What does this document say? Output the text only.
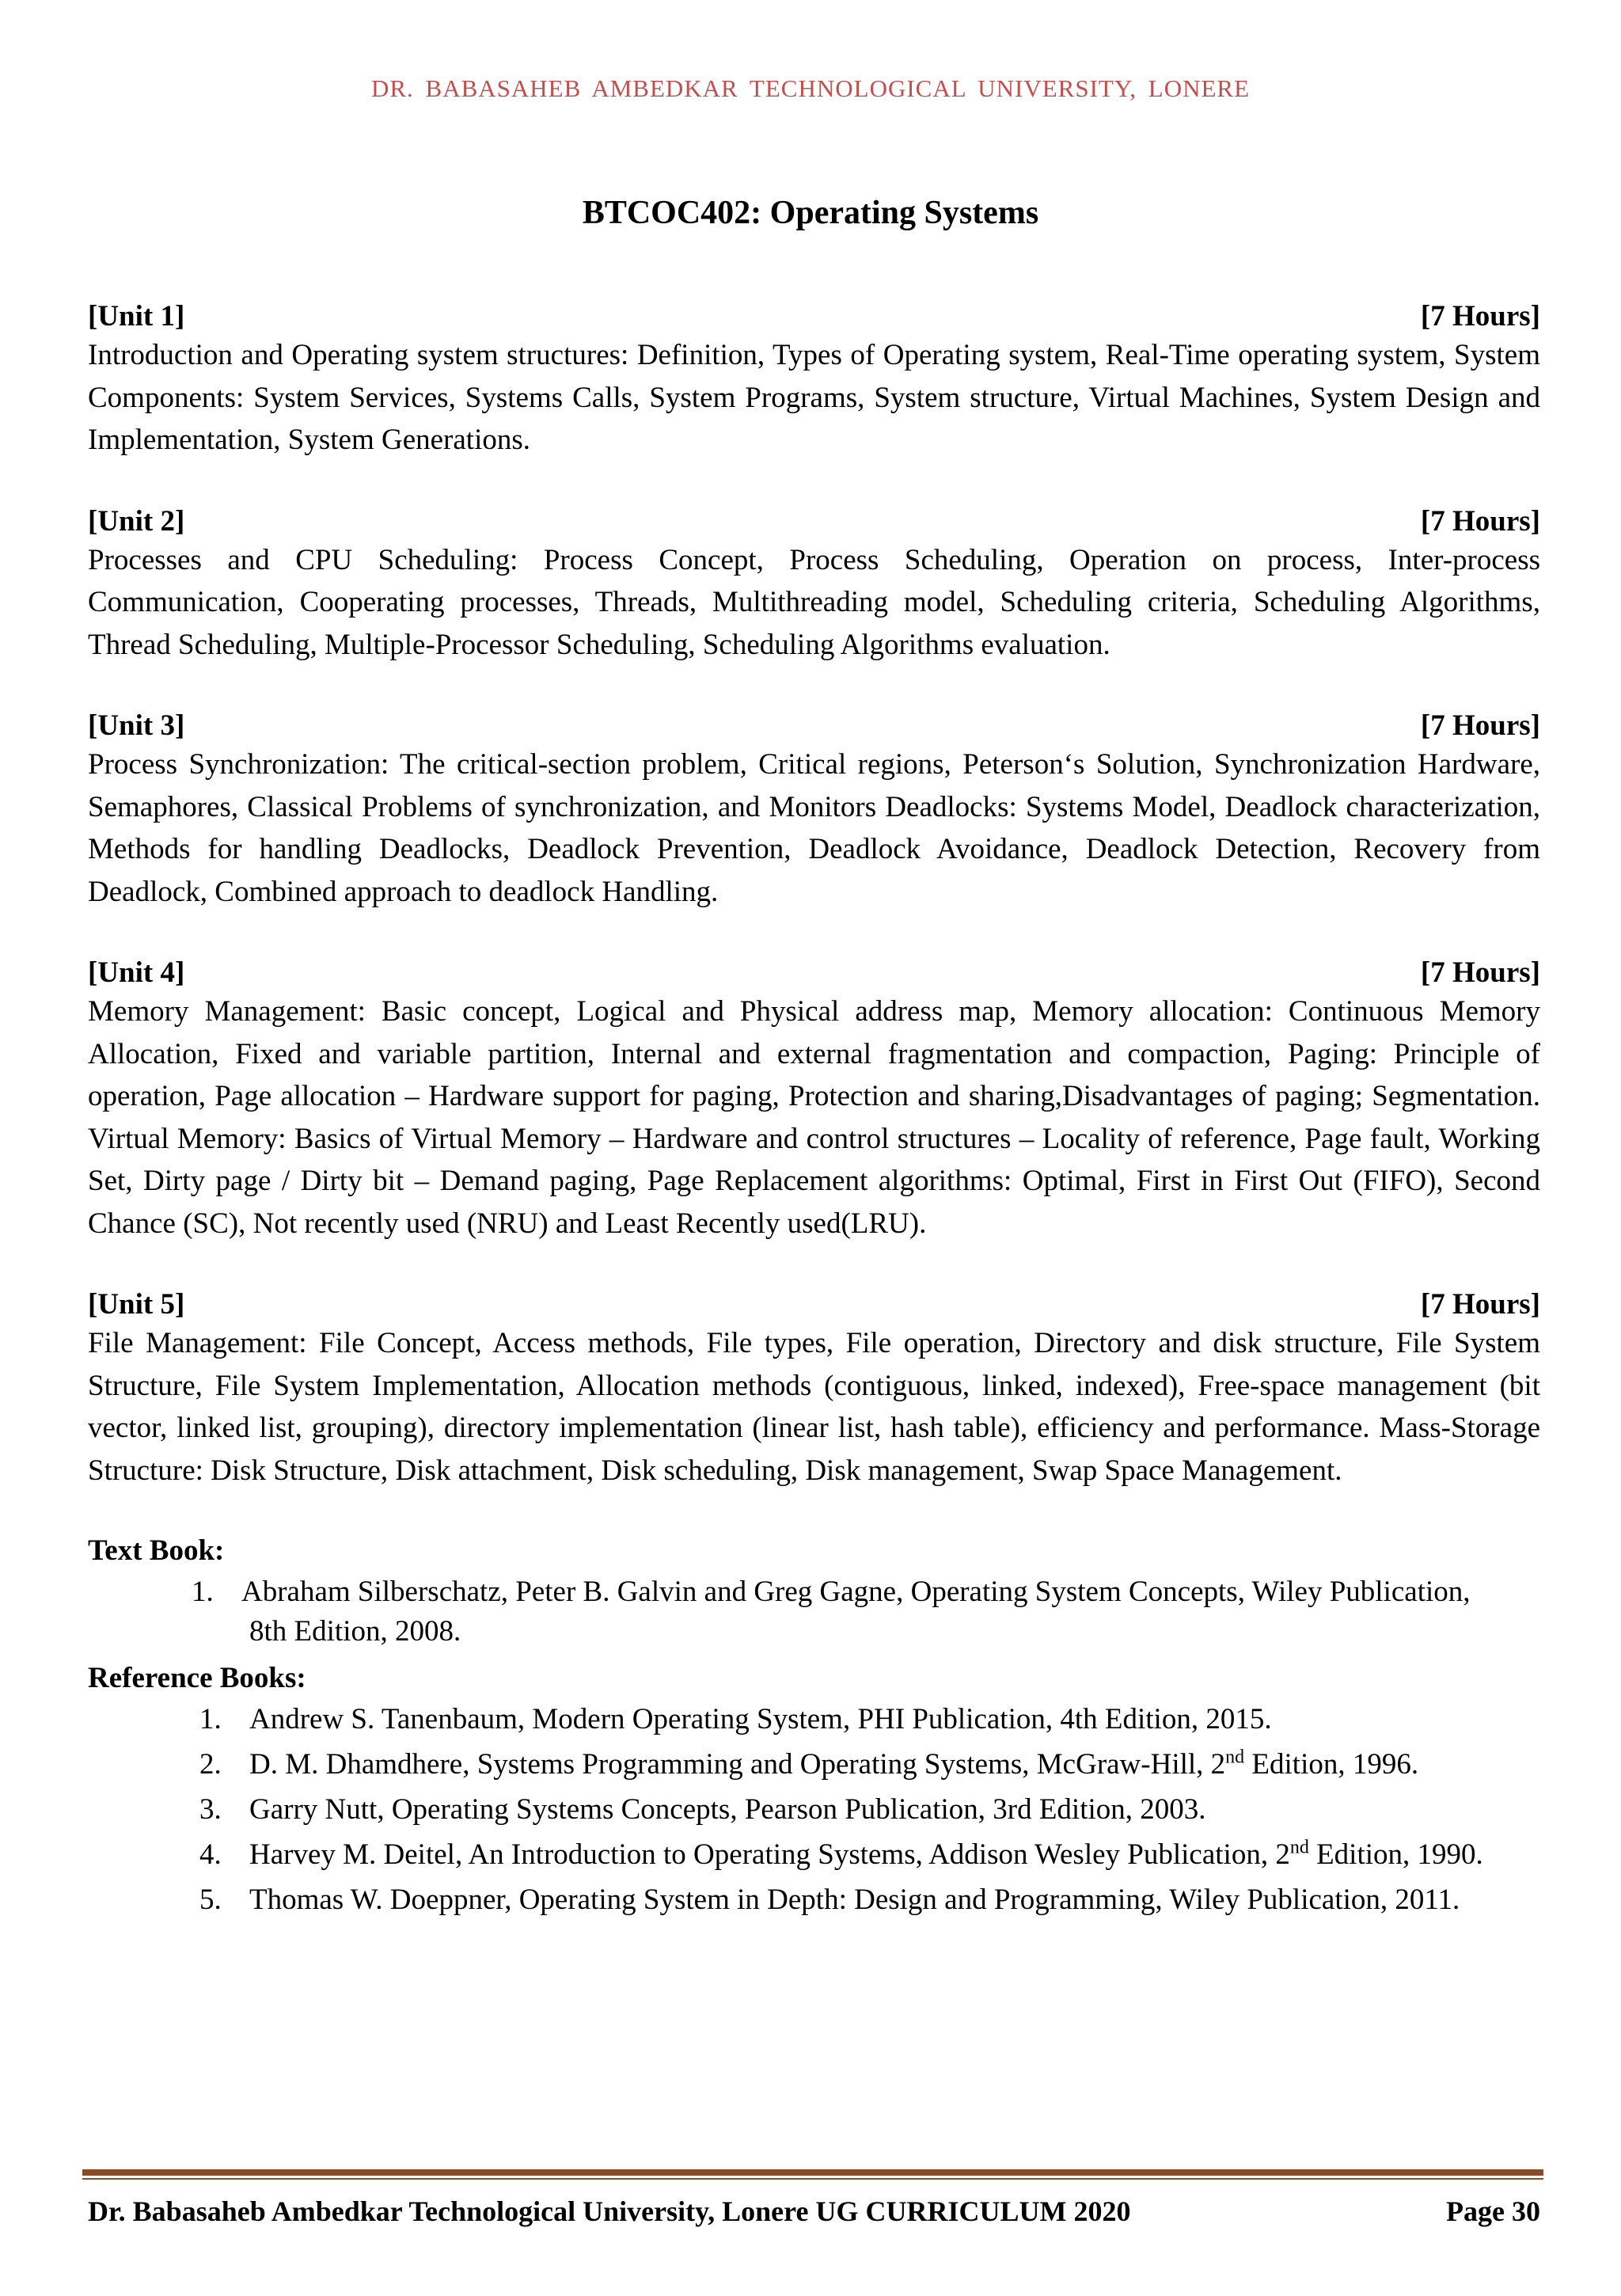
DR. BABASAHEB AMBEDKAR TECHNOLOGICAL UNIVERSITY, LONERE
BTCOC402: Operating Systems
[Unit 1]	[7 Hours]

Introduction and Operating system structures: Definition, Types of Operating system, Real-Time operating system, System Components: System Services, Systems Calls, System Programs, System structure, Virtual Machines, System Design and Implementation, System Generations.

[Unit 2]	[7 Hours]

Processes and CPU Scheduling: Process Concept, Process Scheduling, Operation on process, Inter-process Communication, Cooperating processes, Threads, Multithreading model, Scheduling criteria, Scheduling Algorithms, Thread Scheduling, Multiple-Processor Scheduling, Scheduling Algorithms evaluation.

[Unit 3]	[7 Hours]

Process Synchronization: The critical-section problem, Critical regions, Peterson‘s Solution, Synchronization Hardware, Semaphores, Classical Problems of synchronization, and Monitors Deadlocks: Systems Model, Deadlock characterization, Methods for handling Deadlocks, Deadlock Prevention, Deadlock Avoidance, Deadlock Detection, Recovery from Deadlock, Combined approach to deadlock Handling.

[Unit 4]	[7 Hours]

Memory Management: Basic concept, Logical and Physical address map, Memory allocation: Continuous Memory Allocation, Fixed and variable partition, Internal and external fragmentation and compaction, Paging: Principle of operation, Page allocation – Hardware support for paging, Protection and sharing,Disadvantages of paging; Segmentation. Virtual Memory: Basics of Virtual Memory – Hardware and control structures – Locality of reference, Page fault, Working Set, Dirty page / Dirty bit – Demand paging, Page Replacement algorithms: Optimal, First in First Out (FIFO), Second Chance (SC), Not recently used (NRU) and Least Recently used(LRU).

[Unit 5]	[7 Hours]

File Management: File Concept, Access methods, File types, File operation, Directory and disk structure, File System Structure, File System Implementation, Allocation methods (contiguous, linked, indexed), Free-space management (bit vector, linked list, grouping), directory implementation (linear list, hash table), efficiency and performance. Mass-Storage Structure: Disk Structure, Disk attachment, Disk scheduling, Disk management, Swap Space Management.

Text Book:

1. Abraham Silberschatz, Peter B. Galvin and Greg Gagne, Operating System Concepts, Wiley Publication, 8th Edition, 2008.

Reference Books:

1. Andrew S. Tanenbaum, Modern Operating System, PHI Publication, 4th Edition, 2015.
2. D. M. Dhamdhere, Systems Programming and Operating Systems, McGraw-Hill, 2nd Edition, 1996.
3. Garry Nutt, Operating Systems Concepts, Pearson Publication, 3rd Edition, 2003.
4. Harvey M. Deitel, An Introduction to Operating Systems, Addison Wesley Publication, 2nd Edition, 1990.
5. Thomas W. Doeppner, Operating System in Depth: Design and Programming, Wiley Publication, 2011.
Dr. Babasaheb Ambedkar Technological University, Lonere UG CURRICULUM 2020	Page 30
